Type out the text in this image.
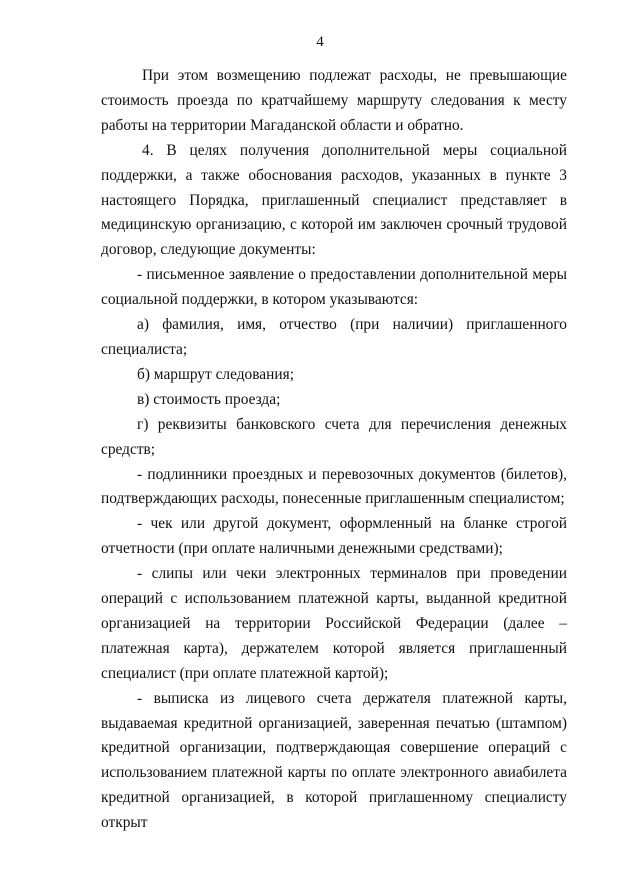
4

При этом возмещению подлежат расходы, не превышающие стоимость проезда по кратчайшему маршруту следования к месту работы на территории Магаданской области и обратно.

4. В целях получения дополнительной меры социальной поддержки, а также обоснования расходов, указанных в пункте 3 настоящего Порядка, приглашенный специалист представляет в медицинскую организацию, с которой им заключен срочный трудовой договор, следующие документы:

- письменное заявление о предоставлении дополнительной меры социальной поддержки, в котором указываются:

а) фамилия, имя, отчество (при наличии) приглашенного специалиста;

б) маршрут следования;

в) стоимость проезда;

г) реквизиты банковского счета для перечисления денежных средств;

- подлинники проездных и перевозочных документов (билетов), подтверждающих расходы, понесенные приглашенным специалистом;

- чек или другой документ, оформленный на бланке строгой отчетности (при оплате наличными денежными средствами);

- слипы или чеки электронных терминалов при проведении операций с использованием платежной карты, выданной кредитной организацией на территории Российской Федерации (далее – платежная карта), держателем которой является приглашенный специалист (при оплате платежной картой);

- выписка из лицевого счета держателя платежной карты, выдаваемая кредитной организацией, заверенная печатью (штампом) кредитной организации, подтверждающая совершение операций с использованием платежной карты по оплате электронного авиабилета кредитной организацией, в которой приглашенному специалисту открыт
